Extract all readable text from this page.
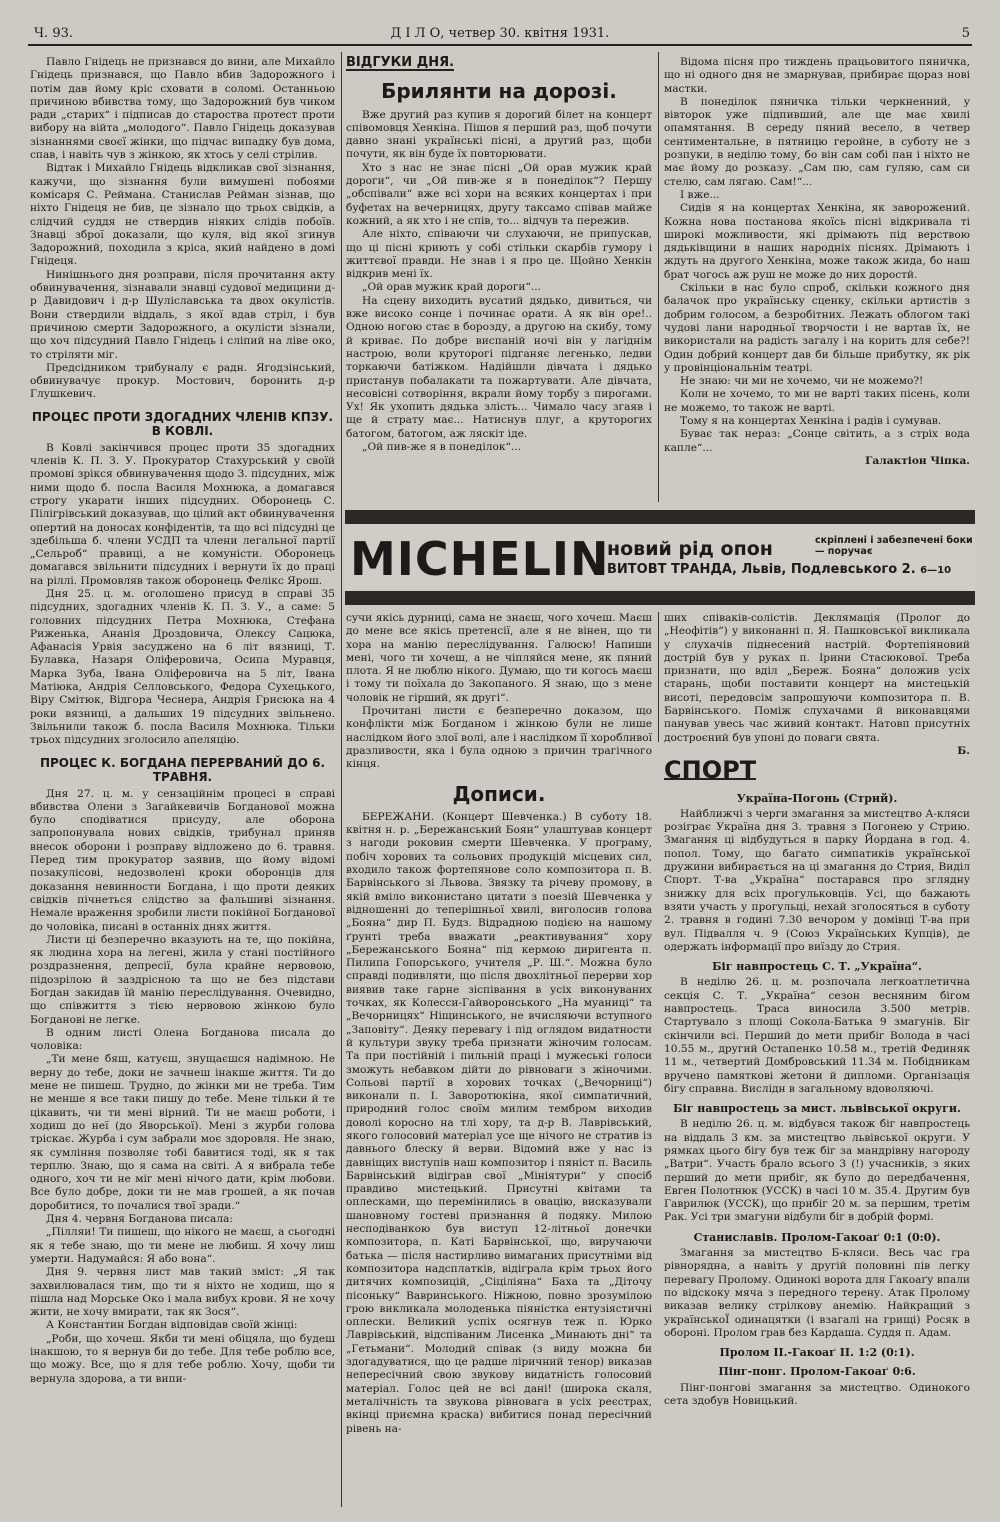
Ч. 93.	Д І Л О, четвер 30. квітня 1931.	5

Павло Гнідець не признався до вини, але Михайло Гнідець признався, що Павло вбив Задорожного і потім дав йому кріс сховати в соломі. Останньою причиною вбивства тому, що Задорожний був чиком ради „старих“ і підписав до староства протест проти вибору на війта „молодого“. Павло Гнідець доказував зізнаннями своєї жінки, що підчас випадку був дома, спав, і навіть чув з жінкою, як хтось у селі стрілив.

Відтак і Михайло Гнідець відкликав свої зізнання, кажучи, що зізнання були вимушені побоями комісаря С. Реймана. Станислав Рейман зізнав, що ніхто Гнідеця не бив, це зізнало що трьох свідків, а слідчий суддя не ствердив ніяких слідів побоїв. Знавці зброї доказали, що куля, від якої згинув Задорожний, походила з кріса, який найдено в домі Гнідеця.

Нинішнього дня розправи, після прочитання акту обвинувачення, зізнавали знавці судової медицини д-р Давидович і д-р Шуліславська та двох окулістів. Вони ствердили віддаль, з якої вдав стріл, і був причиною смерти Задорожного, а окулісти зізнали, що хоч підсудний Павло Гнідець і сліпий на ліве око, то стріляти міг.

Предсідником трибуналу є радн. Ягодзінський, обвинувачує прокур. Мостович, боронить д-р Глушкевич.

ПРОЦЕС ПРОТИ ЗДОГАДНИХ ЧЛЕНІВ КПЗУ. В КОВЛІ.

В Ковлі закінчився процес проти 35 здогадних членів К. П. З. У. Прокуратор Стахурський у своїй промові зрікся обвинувачення щодо 3. підсудних, між ними щодо б. посла Василя Мохнюка, а домагався строгу укарати інших підсудних. Оборонець С. Пілігрівський доказував, що цілий акт обвинувачення опертий на доносах конфідентів, та що всі підсудні це здебільша б. члени УСДП та члени легальної партії „Сельроб“ правиці, а не комуністи. Оборонець домагався звільнити підсудних і вернути їх до праці на ріллі. Промовляв також оборонець Фелікс Ярош.

Дня 25. ц. м. оголошено присуд в справі 35 підсудних, здогадних членів К. П. З. У., а саме: 5 головних підсудних Петра Мохнюка, Стефана Риженька, Ананія Дроздовича, Олексу Сацюка, Афанасія Урвія засуджено на 6 літ вязниці, Т. Булавка, Назаря Оліферовича, Осипа Муравця, Марка Зуба, Івана Оліферовича на 5 літ, Івана Матіюка, Андрія Селловського, Федора Сухецького, Віру Смітюк, Відгора Чеснера, Андрія Грисюка на 4 роки вязниці, а дальших 19 підсудних звільнено. Звільнили також б. посла Василя Мохнюка. Тільки трьох підсудних зголосило апеляцію.

ПРОЦЕС К. БОГДАНА ПЕРЕРВАНИЙ ДО 6. ТРАВНЯ.

Дня 27. ц. м. у сензаційнім процесі в справі вбивства Олени з Загайкевичів Богданової можна було сподіватися присуду, але оборона запропонувала нових свідків, трибунал приняв внесок оборони і розправу відложено до 6. травня. Перед тим прокуратор заявив, що йому відомі позакулісові, недозволені кроки оборонців для доказання невинности Богдана, і що проти деяких свідків пічнеться слідство за фальшиві зізнання. Немале враження зробили листи покійної Богданової до чоловіка, писані в останніх днях життя.

Листи ці безперечно вказують на те, що покійна, як людина хора на легені, жила у стані постійного роздразнення, депресії, була крайне нервовою, підозрілою й заздрісною та що не без підстави Богдан закидав їй манію переслідування. Очевидно, що співжиття з тією нервовою жінкою було Богданові не легке.

В одним листі Олена Богданова писала до чоловіка:

„Ти мене бяш, катуєш, знущаєшся надімною. Не верну до тебе, доки не зачнеш інакше життя. Ти до мене не пишеш. Трудно, до жінки ми не треба. Тим не менше я все таки пишу до тебе. Мене тільки й те цікавить, чи ти мені вірний. Ти не маєш роботи, і ходиш до неї (до Яворської). Мені з журби голова тріскає. Журба і сум забрали моє здоровля. Не знаю, як сумління позволяє тобі бавитися тоді, як я так терплю. Знаю, що я сама на світі. А я вибрала тебе одного, хоч ти не міг мені нічого дати, крім любови. Все було добре, доки ти не мав грошей, а як почав доробитися, то почалися твої зради.“

Дня 4. червня Богданова писала:

„Пілляи! Ти пишеш, що нікого не маєш, а сьогодні як я тебе знаю, що ти мене не любиш. Я хочу лиш умерти. Надумайся: Я або вона“.

Дня 9. червня лист мав такий зміст: „Я так захвилювалася тим, що ти я ніхто не ходиш, що я пішла над Морське Око і мала вибух крови. Я не хочу жити, не хочу вмирати, так як Зося“.

А Константин Богдан відповідав своїй жінці:

„Роби, що хочеш. Якби ти мені обіцяла, що будеш інакшою, то я вернув би до тебе. Для тебе роблю все, що можу. Все, що я для тебе роблю. Хочу, щоби ти вернула здорова, а ти випи-

ВІДГУКИ ДНЯ.
Брилянти на дорозі.

Вже другий раз купив я дорогий білет на концерт співомовця Хенкіна. Пішов я перший раз, щоб почути давно знані українські пісні, а другий раз, щоби почути, як він буде їх повторювати.

Хто з нас не знає пісні „Ой орав мужик край дороги“, чи „Ой пив-же я в понеділок“? Першу „обспівали“ вже всі хори на всяких концертах і при буфетах на вечерницях, другу таксамо співав майже кожний, а як хто і не спів, то... відчув та пережив.

Але ніхто, співаючи чи слухаючи, не припускав, що ці пісні криють у собі стільки скарбів гумору і життєвої правди. Не знав і я про це. Щойно Хенкін відкрив мені їх.

„Ой орав мужик край дороги“...

На сцену виходить вусатий дядько, дивиться, чи вже високо сонце і починає орати. А як він оре!.. Одною ногою стає в борозду, а другою на скибу, тому й криває. По добре виспаній ночі він у лагіднім настрою, воли круторогі підганяє легенько, ледви торкаючи батіжком. Надійшли дівчата і дядько пристанув побалакати та пожартувати. Але дівчата, несовісні сотворіння, вкрали йому торбу з пирогами. Ух! Як ухопить дядька злість... Чимало часу згаяв і ще й страту має... Натиснув плуг, а круторогих батогом, батогом, аж ляскіт іде.

„Ой пив-же я в понеділок“...

Відома пісня про тиждень працьовитого пяничка, що ні одного дня не змарнував, прибирає щораз нові мастки.

В понеділок пяничка тільки черкненний, у вівторок уже підпивший, але ще має хвилі опамятання. В середу пяний весело, в четвер сентиментальне, в пятницю геройне, в суботу не з розпуки, в неділю тому, бо він сам собі пан і ніхто не має йому до розказу. „Сам пю, сам гуляю, сам си стелю, сам лягаю. Сам!“...

І вже...

Сидів я на концертах Хенкіна, як заворожений. Кожна нова постанова якоїсь пісні відкривала ті широкі можливости, які дрімають під верствою дядьківщини в наших народніх піснях. Дрімають і ждуть на другого Хенкіна, може також жида, бо наш брат чогось аж руш не може до них доростй.

Скільки в нас було спроб, скільки кожного дня балачок про українську сценку, скільки артистів з добрим голосом, а безробітних. Лежать облогом такі чудові лани народньої творчости і не вартав їх, не використали на радість загалу і на корить для себе?! Один добрий концерт дав би більше прибутку, як рік у провінціональнім театрі.

Не знаю: чи ми не хочемо, чи не можемо?!

Коли не хочемо, то ми не варті таких пісень, коли не можемо, то також не варті.

Тому я на концертах Хенкіна і радів і сумував.

Буває так нераз: „Сонце світить, а з стріх вода капле“...

Галактіон Чіпка.
MICHELIN
новий рід опон	скріплені і забезпечені боки — поручає
ВИТОВТ ТРАНДА, Львів, Подлевського 2. 6—10

сучи якісь дурниці, сама не знаєш, чого хочеш. Маєш до мене все якісь претенсії, але я не вінен, що ти хора на манію переслідування. Галюсю! Напиши мені, чого ти хочеш, а не чіпляйся мене, як пяний плота. Я не люблю нікого. Думаю, що ти когось маєш і тому ти поїхала до Закопаного. Я знаю, що з мене чоловік не гірший, як другі“.

Прочитані листи є безперечно доказом, що конфлікти між Богданом і жінкою були не лише наслідком його злої волі, але і наслідком її хоробливої дразливости, яка і була одною з причин трагічного кінця.

Дописи.

БЕРЕЖАНИ. (Концерт Шевченка.) В суботу 18. квітня н. р. „Бережанський Боян“ улаштував концерт з нагоди роковин смерти Шевченка. У програму, побіч хорових та сольових продукцій місцевих сил, входило також фортепянове соло композитора п. В. Барвінського зі Львова. Звязку та річеву промову, в якій вміло виконистано цитати з поезій Шевченка у відношенні до теперішньої хвилі, виголосив голова „Бояна“ дир П. Будз. Відрадною подією на нашому ґрунті треба вважати „реактивування“ хору „Бережанського Бояна“ під кермою диригента п. Пилипа Гопорського, учителя „Р. Ш.“. Можна було справді подивляти, що після двохлітньої перерви хор виявив таке гарне зіспівання в усіх виконуваних точках, як Колесси-Гайворонського „На муаниці“ та „Вечорницях“ Ніщинського, не вчисляючи вступного „Заповіту“. Деяку перевагу і під оглядом видатности й культури звуку треба признати жіночим голосам. Та при постійній і пильній праці і мужеські голоси зможуть небавком дійти до рівноваги з жіночими. Сольові партії в хорових точках („Вечорниці“) виконали п. І. Заворотюкіна, якої симпатичний, природний голос своїм милим тембром виходив доволі коросно на тлі хору, та д-р В. Лаврівський, якого голосовий матеріал усе ще нічого не стратив із давнього блеску й верви. Відомий вже у нас із давніщих виступів наш композитор і пяніст п. Василь Барвінський відіграв свої „Мініятури“ у спосіб правдиво мистецький. Присутні квітами та оплесками, що перемінились в овацію, висказували шановному гостеві признання й подяку. Милою несподіванкою був виступ 12-літньої донечки композитора, п. Каті Барвінської, що, виручаючи батька — після настирливо вимаганих присутніми від композитора надсплатків, відіграла крім трьох його дитячих композицій, „Сіціліяна“ Баха та „Діточу пісоньку“ Вавринського. Ніжною, повно зрозумілою грою викликала молоденька піяністка ентузіястичні оплески. Великий успіх осягнув теж п. Юрко Лаврівський, відспіваним Лисенка „Минають дні“ та „Гетьмани“. Молодий співак (з виду можна би здогадуватися, що це радше ліричний тенор) виказав непересічний свою звукову видатність голосовий матеріал. Голос цей не всі дані! (широка скаля, металічність та звукова рівновага в усіх реєстрах, вкінці приємна краска) вибитися понад пересічний рівень на-

ших співаків-солістів. Деклямація (Пролог до „Неофітів“) у виконанні п. Я. Пашковської викликала у слухачів піднесений настрій. Фортепіяновий дострій був у руках п. Ірини Стасюкової. Треба признати, що вділ „Береж. Бояна“ доложив усіх старань, щоби поставити концерт на мистецькій висоті, передовсім запрошуючи композитора п. В. Барвінського. Поміж слухачами й виконавцями панував увесь час живий контакт. Натовп присутніх достроєний був упоні до поваги свята.

Б.
СПОРТ
Україна-Погонь (Стрий).

Найближчі з черги змагання за мистецтво А-кляси розіграє Україна дня 3. травня з Погонею у Стрию. Змагання ці відбудуться в парку Йордана в год. 4. попол. Тому, що багато симпатиків української дружини вибирається на ці змагання до Стрия, Виділ Спорт. Т-ва „Україна“ постарався про зглядну знижку для всіх прогульковців. Усі, що бажають взяти участь у прогульці, нехай зголосяться в суботу 2. травня в годині 7.30 вечором у домівці Т-ва при вул. Підвалля ч. 9 (Союз Українських Купців), де одержать інформації про виїзду до Стрия.

Біг навпростець С. Т. „Україна“.

В неділю 26. ц. м. розпочала легкоатлетична секція С. Т. „Україна“ сезон весняним бігом навпростець. Траса виносила 3.500 метрів. Стартувало з площі Сокола-Батька 9 змагунів. Біг скінчили всі. Перший до мети прибіг Волода в часі 10.55 м., другий Остапенко 10.58 м., третій Фединяк 11 м., четвертий Домбровський 11.34 м. Побідникам вручено памяткові жетони й дипломи. Організація бігу справна. Вислідн в загальному вдоволяючі.

Біг навпростець за мист. львівської округи.

В неділю 26. ц. м. відбувся також біг навпростець на віддаль 3 км. за мистецтво львівської округи. У рямках цього бігу був теж біг за мандрівну нагороду „Ватри“. Участь брало всього 3 (!) учасників, з яких перший до мети прибіг, як було до передбачення, Евген Полотнюк (УССК) в часі 10 м. 35.4. Другим був Гаврилюк (УССК), що прибіг 20 м. за першим, третім Рак. Усі три змагуни відбули біг в добрій формі.

Станиславів. Пролом-Гакоаґ 0:1 (0:0).

Змагання за мистецтво Б-кляси. Весь час гра рівнорядна, а навіть у другій половині пів легку перевагу Пролому. Одинокі ворота для Гакоаґу впали по відскоку мяча з передного терену. Атак Пролому виказав велику стрілкову анемію. Найкращий з українськоЇ одинацятки (і взагалі на грищі) Росяк в обороні. Пролом грав без Кардаша. Суддя п. Адам.

Пролом II.-Гакоаґ II. 1:2 (0:1).

Пінг-понг. Пролом-Гакоаґ 0:6.

Пінг-понгові змагання за мистецтво. Одинокого сета здобув Новицький.
